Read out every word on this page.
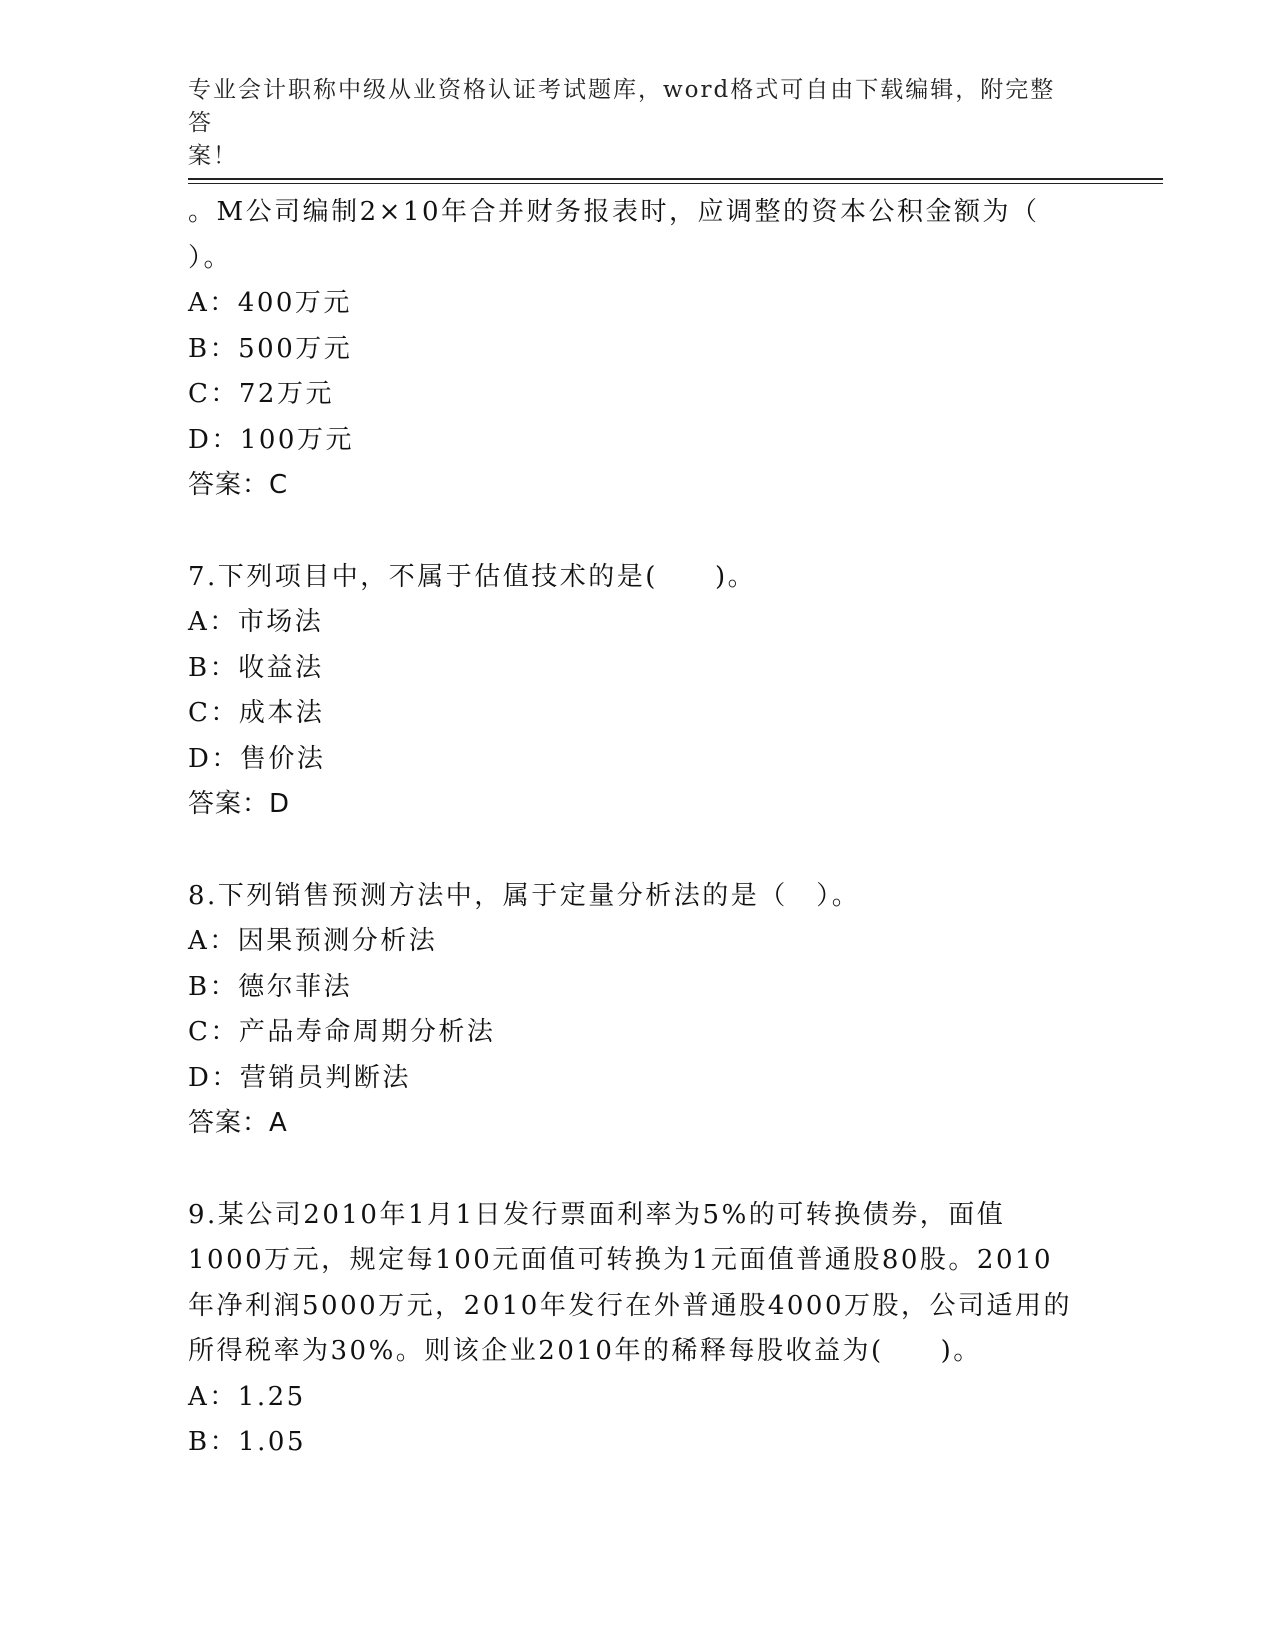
专业会计职称中级从业资格认证考试题库，word格式可自由下载编辑，附完整答
案！

。M公司编制2×10年合并财务报表时，应调整的资本公积金额为（

）。

A：400万元

B：500万元

C：72万元

D：100万元

答案：C

7.下列项目中，不属于估值技术的是(　　)。

A：市场法

B：收益法

C：成本法

D：售价法

答案：D

8.下列销售预测方法中，属于定量分析法的是（　）。

A：因果预测分析法

B：德尔菲法

C：产品寿命周期分析法

D：营销员判断法

答案：A

9.某公司2010年1月1日发行票面利率为5%的可转换债券，面值

1000万元，规定每100元面值可转换为1元面值普通股80股。2010

年净利润5000万元，2010年发行在外普通股4000万股，公司适用的

所得税率为30%。则该企业2010年的稀释每股收益为(　　)。

A：1.25

B：1.05
